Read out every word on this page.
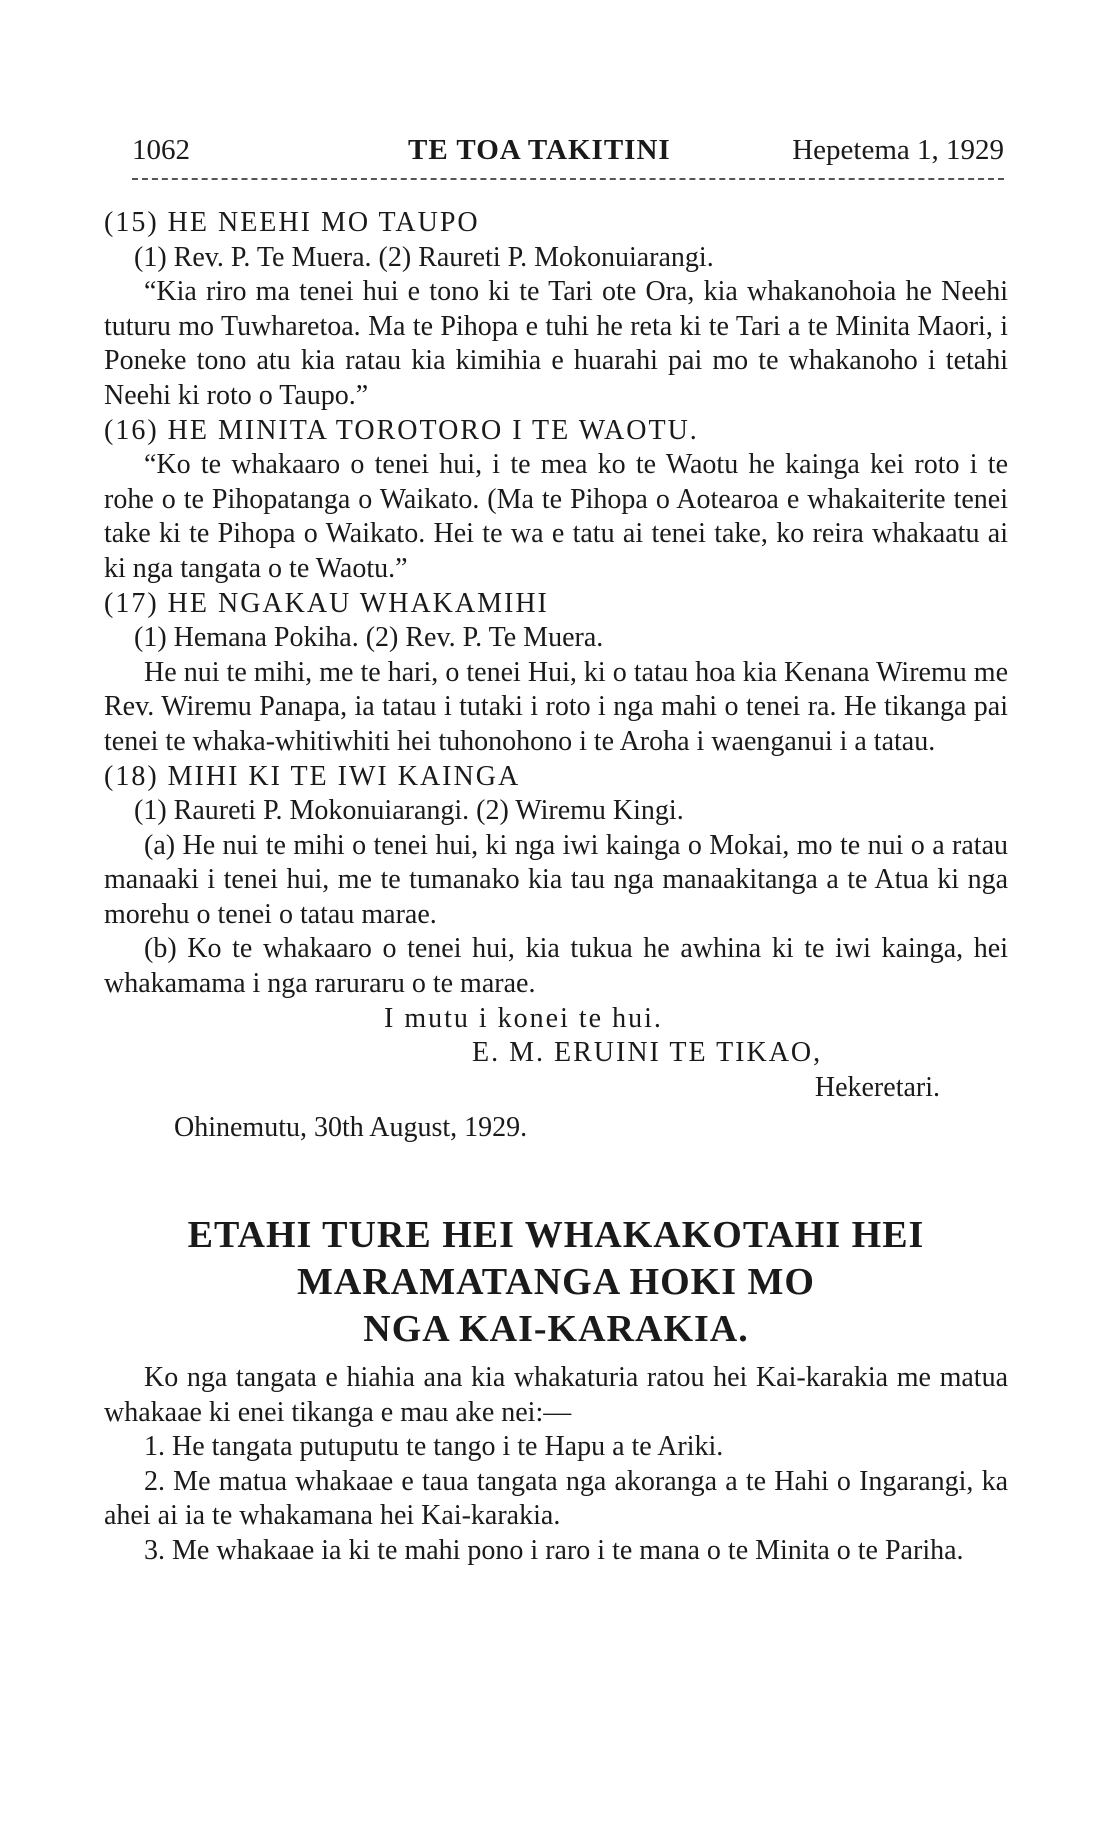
1062	TE TOA TAKITINI	Hepetema 1, 1929

(15) HE NEEHI MO TAUPO

(1) Rev. P. Te Muera. (2) Raureti P. Mokonuiarangi.

“Kia riro ma tenei hui e tono ki te Tari ote Ora, kia whakanohoia he Neehi tuturu mo Tuwharetoa. Ma te Pihopa e tuhi he reta ki te Tari a te Minita Maori, i Poneke tono atu kia ratau kia kimihia e huarahi pai mo te whakanoho i tetahi Neehi ki roto o Taupo.”

(16) HE MINITA TOROTORO I TE WAOTU.

“Ko te whakaaro o tenei hui, i te mea ko te Waotu he kainga kei roto i te rohe o te Pihopatanga o Waikato. (Ma te Pihopa o Aotearoa e whakaiterite tenei take ki te Pihopa o Waikato. Hei te wa e tatu ai tenei take, ko reira whakaatu ai ki nga tangata o te Waotu.”

(17) HE NGAKAU WHAKAMIHI

(1) Hemana Pokiha. (2) Rev. P. Te Muera.

He nui te mihi, me te hari, o tenei Hui, ki o tatau hoa kia Kenana Wiremu me Rev. Wiremu Panapa, ia tatau i tutaki i roto i nga mahi o tenei ra. He tikanga pai tenei te whaka-whitiwhiti hei tuhonohono i te Aroha i waenganui i a tatau.

(18) MIHI KI TE IWI KAINGA

(1) Raureti P. Mokonuiarangi. (2) Wiremu Kingi.

(a) He nui te mihi o tenei hui, ki nga iwi kainga o Mokai, mo te nui o a ratau manaaki i tenei hui, me te tumanako kia tau nga manaakitanga a te Atua ki nga morehu o tenei o tatau marae.

(b) Ko te whakaaro o tenei hui, kia tukua he awhina ki te iwi kainga, hei whakamama i nga raruraru o te marae.

I mutu i konei te hui.

E. M. ERUINI TE TIKAO,

Hekeretari.

Ohinemutu, 30th August, 1929.

ETAHI TURE HEI WHAKAKOTAHI HEI

MARAMATANGA HOKI MO

NGA KAI-KARAKIA.

Ko nga tangata e hiahia ana kia whakaturia ratou hei Kai-karakia me matua whakaae ki enei tikanga e mau ake nei:—

1. He tangata putuputu te tango i te Hapu a te Ariki.

2. Me matua whakaae e taua tangata nga akoranga a te Hahi o Ingarangi, ka ahei ai ia te whakamana hei Kai-karakia.

3. Me whakaae ia ki te mahi pono i raro i te mana o te Minita o te Pariha.
